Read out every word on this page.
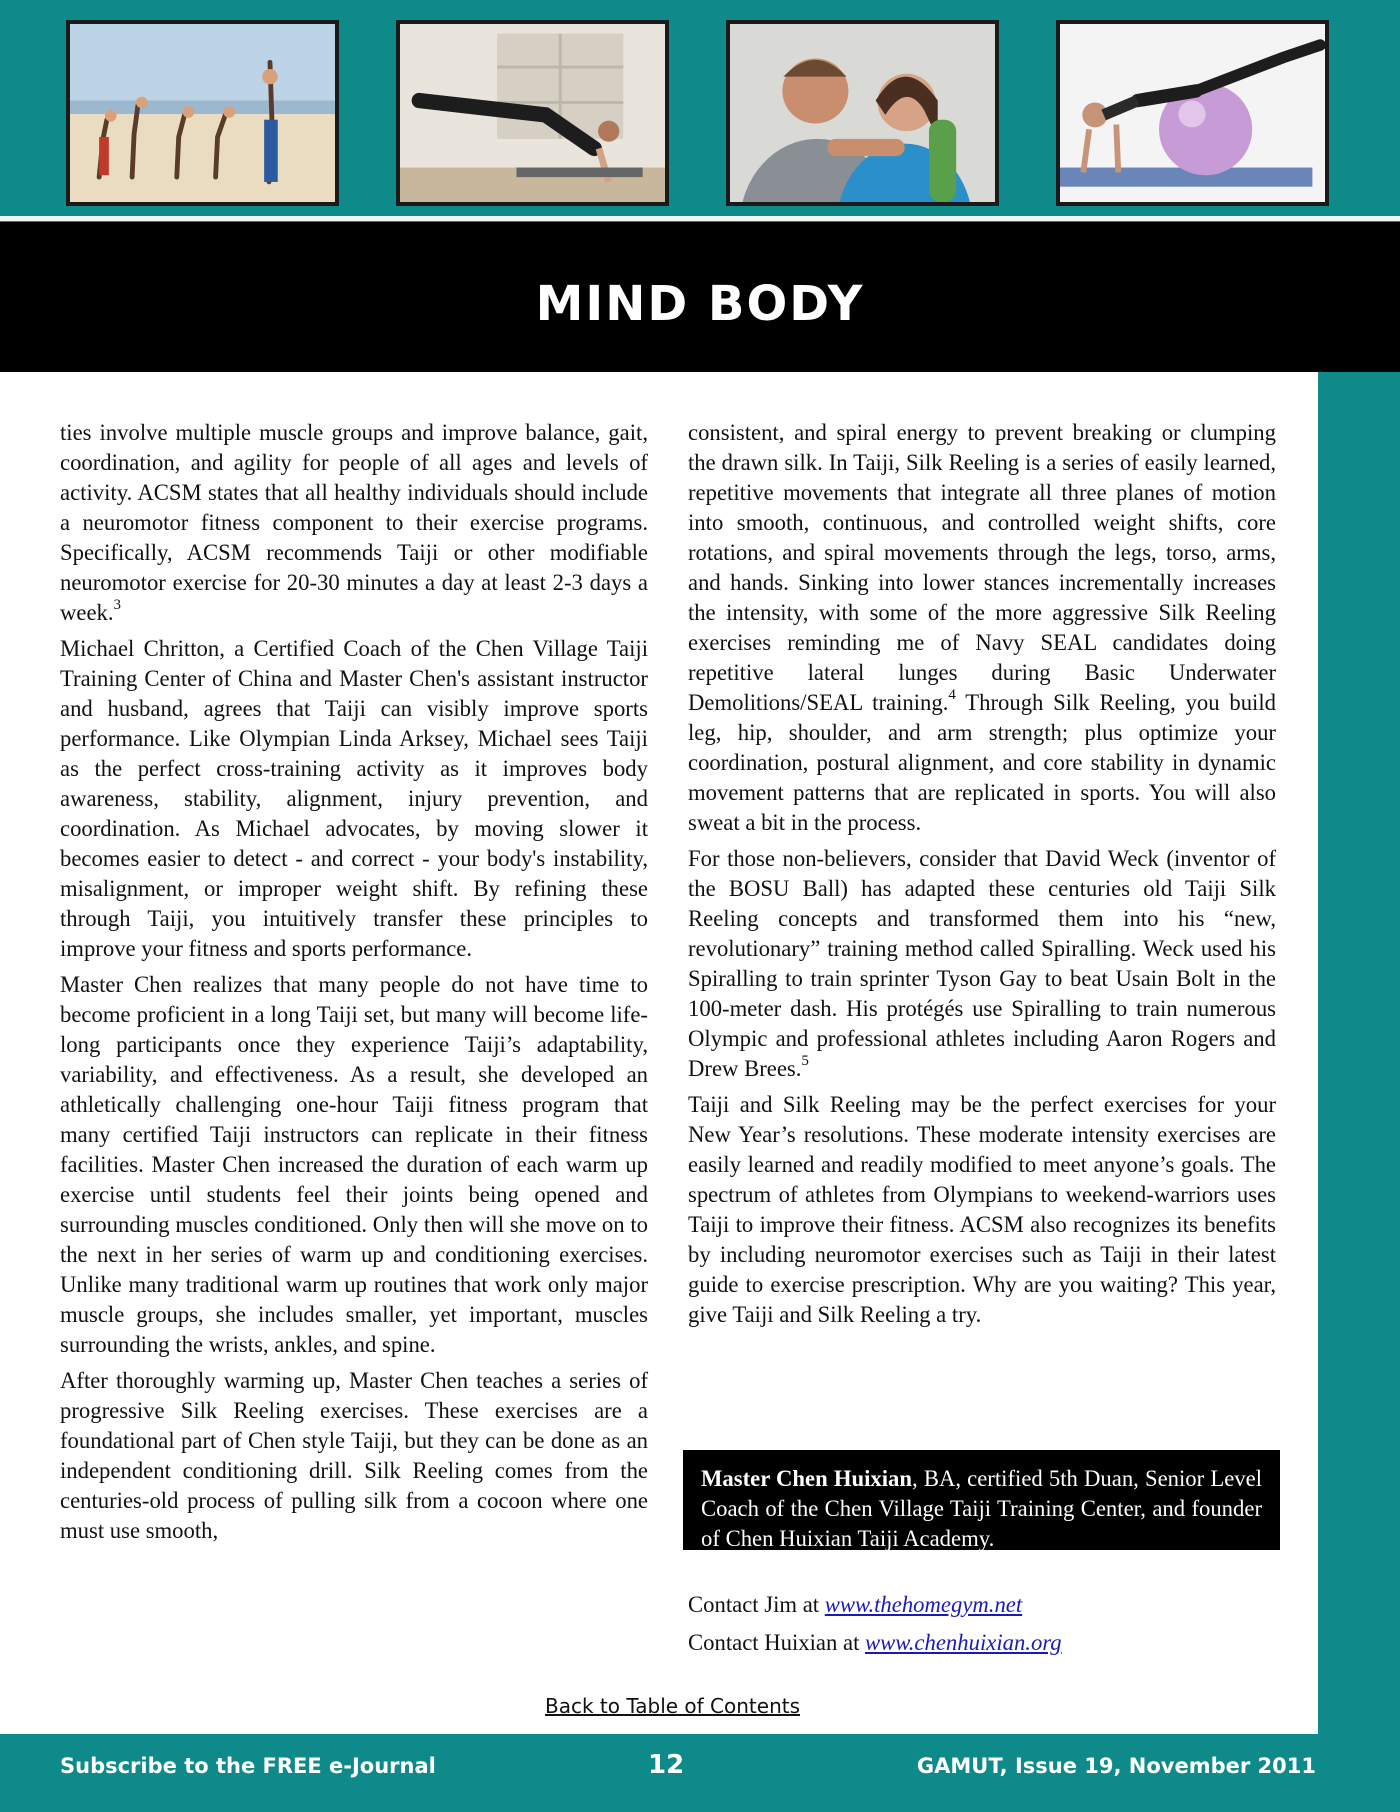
MIND BODY

ties involve multiple muscle groups and improve balance, gait, coordination, and agility for people of all ages and levels of activity. ACSM states that all healthy individuals should include a neuromotor fitness component to their exercise programs. Specifically, ACSM recommends Taiji or other modifiable neuromotor exercise for 20-30 minutes a day at least 2-3 days a week.$^3$

Michael Chritton, a Certified Coach of the Chen Village Taiji Training Center of China and Master Chen's assistant instructor and husband, agrees that Taiji can visibly improve sports performance. Like Olympian Linda Arksey, Michael sees Taiji as the perfect cross-training activity as it improves body awareness, stability, alignment, injury prevention, and coordination. As Michael advocates, by moving slower it becomes easier to detect - and correct - your body's instability, misalignment, or improper weight shift. By refining these through Taiji, you intuitively transfer these principles to improve your fitness and sports performance.

Master Chen realizes that many people do not have time to become proficient in a long Taiji set, but many will become life-long participants once they experience Taiji’s adaptability, variability, and effectiveness. As a result, she developed an athletically challenging one-hour Taiji fitness program that many certified Taiji instructors can replicate in their fitness facilities. Master Chen increased the duration of each warm up exercise until students feel their joints being opened and surrounding muscles conditioned. Only then will she move on to the next in her series of warm up and conditioning exercises. Unlike many traditional warm up routines that work only major muscle groups, she includes smaller, yet important, muscles surrounding the wrists, ankles, and spine.

After thoroughly warming up, Master Chen teaches a series of progressive Silk Reeling exercises. These exercises are a foundational part of Chen style Taiji, but they can be done as an independent conditioning drill. Silk Reeling comes from the centuries-old process of pulling silk from a cocoon where one must use smooth,

consistent, and spiral energy to prevent breaking or clumping the drawn silk. In Taiji, Silk Reeling is a series of easily learned, repetitive movements that integrate all three planes of motion into smooth, continuous, and controlled weight shifts, core rotations, and spiral movements through the legs, torso, arms, and hands. Sinking into lower stances incrementally increases the intensity, with some of the more aggressive Silk Reeling exercises reminding me of Navy SEAL candidates doing repetitive lateral lunges during Basic Underwater Demolitions/SEAL training.$^4$ Through Silk Reeling, you build leg, hip, shoulder, and arm strength; plus optimize your coordination, postural alignment, and core stability in dynamic movement patterns that are replicated in sports. You will also sweat a bit in the process.

For those non-believers, consider that David Weck (inventor of the BOSU Ball) has adapted these centuries old Taiji Silk Reeling concepts and transformed them into his “new, revolutionary” training method called Spiralling. Weck used his Spiralling to train sprinter Tyson Gay to beat Usain Bolt in the 100-meter dash. His protégés use Spiralling to train numerous Olympic and professional athletes including Aaron Rogers and Drew Brees.$^5$

Taiji and Silk Reeling may be the perfect exercises for your New Year’s resolutions. These moderate intensity exercises are easily learned and readily modified to meet anyone’s goals. The spectrum of athletes from Olympians to weekend-warriors uses Taiji to improve their fitness. ACSM also recognizes its benefits by including neuromotor exercises such as Taiji in their latest guide to exercise prescription. Why are you waiting? This year, give Taiji and Silk Reeling a try.

Master Chen Huixian, BA, certified 5th Duan, Senior Level Coach of the Chen Village Taiji Training Center, and founder of Chen Huixian Taiji Academy.
Contact Jim at www.thehomegym.net
Contact Huixian at www.chenhuixian.org
Back to Table of Contents
Subscribe to the FREE e-Journal	12	GAMUT, Issue 19, November 2011
